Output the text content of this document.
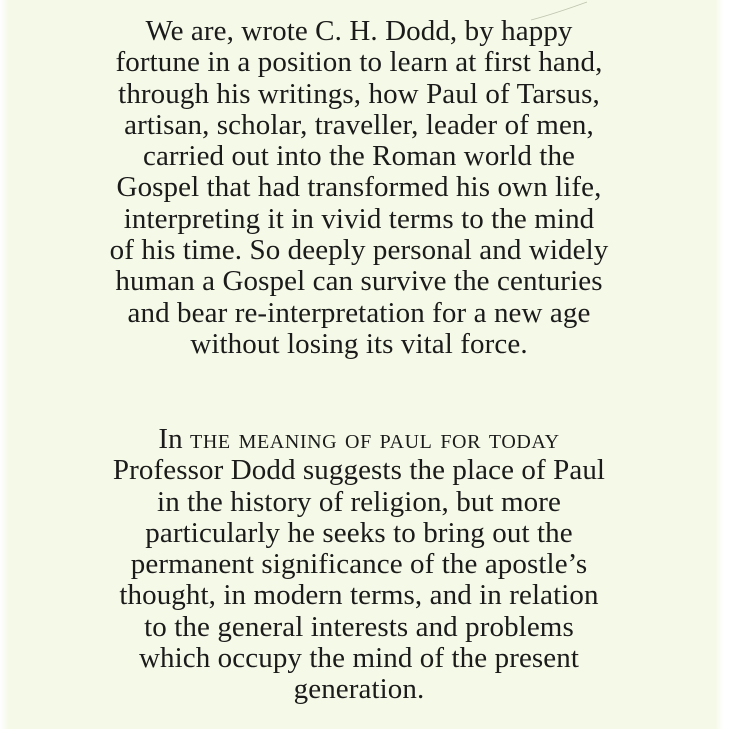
We are, wrote C. H. Dodd, by happy
fortune in a position to learn at first hand,
through his writings, how Paul of Tarsus,
artisan, scholar, traveller, leader of men,
carried out into the Roman world the
Gospel that had transformed his own life,
interpreting it in vivid terms to the mind
of his time. So deeply personal and widely
human a Gospel can survive the centuries
and bear re-interpretation for a new age
without losing its vital force.
In the meaning of paul for today
Professor Dodd suggests the place of Paul
in the history of religion, but more
particularly he seeks to bring out the
permanent significance of the apostle’s
thought, in modern terms, and in relation
to the general interests and problems
which occupy the mind of the present
generation.
